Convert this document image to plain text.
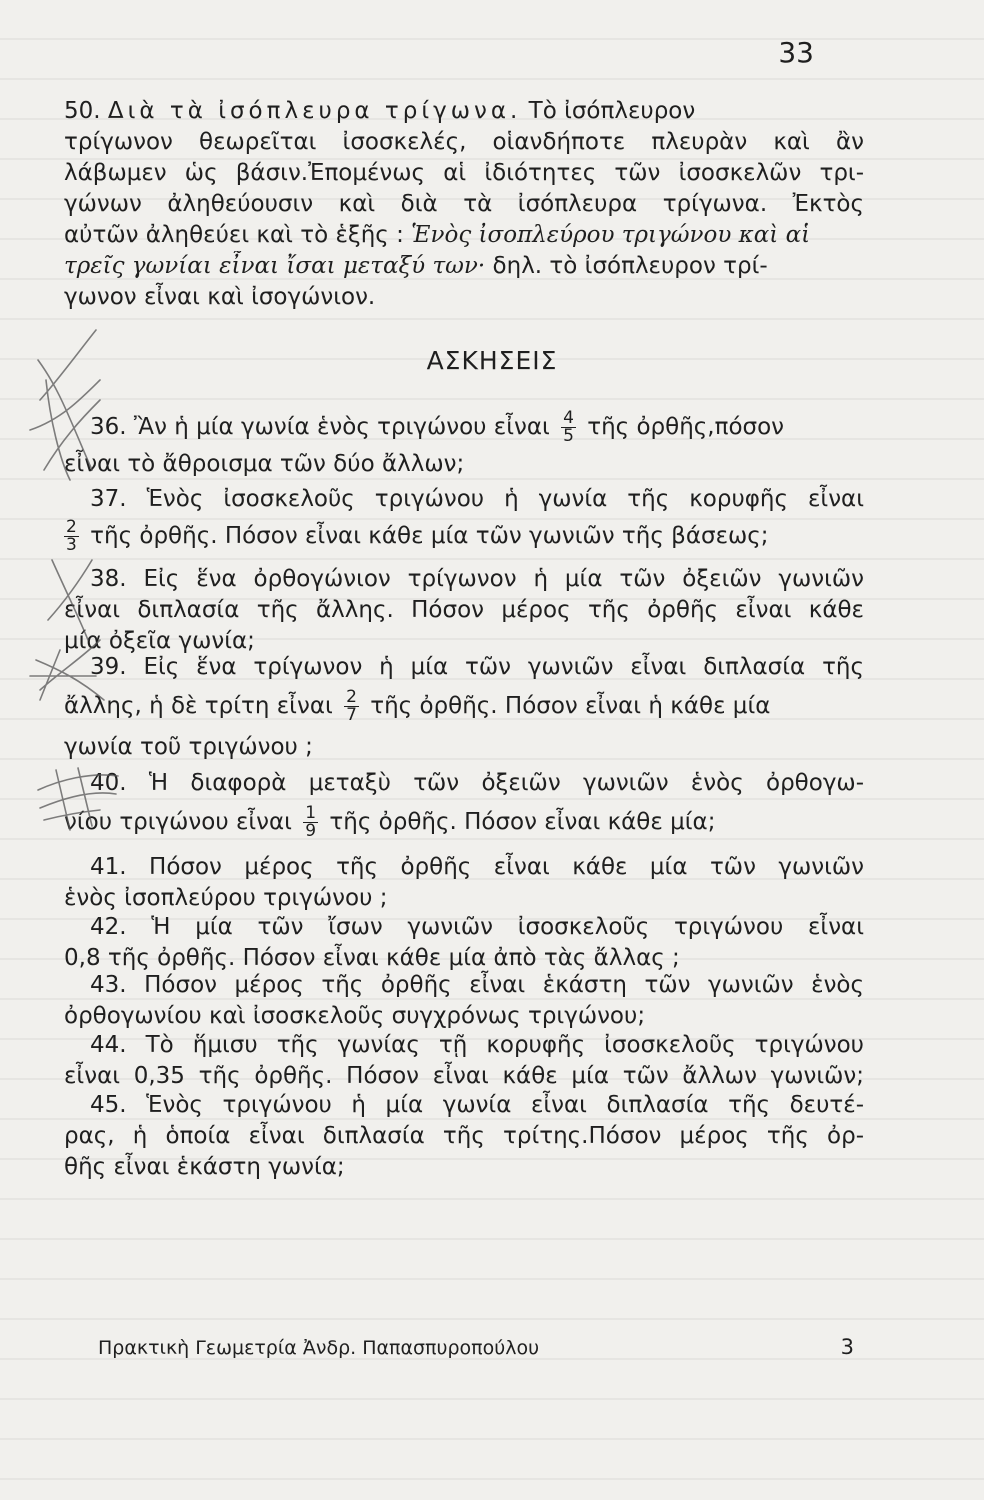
33
50. Διὰ τὰ ἰσόπλευρα τρίγωνα. Τὸ ἰσόπλευρον
τρίγωνον θεωρεῖται ἰσοσκελές, οἱανδήποτε πλευρὰν καὶ ἂν
λάβωμεν ὡς βάσιν.Ἐπομένως αἱ ἰδιότητες τῶν ἰσοσκελῶν τρι-
γώνων ἀληθεύουσιν καὶ διὰ τὰ ἰσόπλευρα τρίγωνα. Ἐκτὸς
αὐτῶν ἀληθεύει καὶ τὸ ἑξῆς : Ἑνὸς ἰσοπλεύρου τριγώνου καὶ αἱ
τρεῖς γωνίαι εἶναι ἴσαι μεταξύ των· δηλ. τὸ ἰσόπλευρον τρί-
γωνον εἶναι καὶ ἰσογώνιον.
ΑΣΚΗΣΕΙΣ
36. Ἂν ἡ μία γωνία ἑνὸς τριγώνου εἶναι $\frac{4}{5}$ τῆς ὀρθῆς,πόσον
εἶναι τὸ ἄθροισμα τῶν δύο ἄλλων;
37. Ἑνὸς ἰσοσκελοῦς τριγώνου ἡ γωνία τῆς κορυφῆς εἶναι
$\frac{2}{3}$ τῆς ὀρθῆς. Πόσον εἶναι κάθε μία τῶν γωνιῶν τῆς βάσεως;
38. Εἰς ἕνα ὀρθογώνιον τρίγωνον ἡ μία τῶν ὀξειῶν γωνιῶν
εἶναι διπλασία τῆς ἄλλης. Πόσον μέρος τῆς ὀρθῆς εἶναι κάθε
μία ὀξεῖα γωνία;
39. Εἰς ἕνα τρίγωνον ἡ μία τῶν γωνιῶν εἶναι διπλασία τῆς
ἄλλης, ἡ δὲ τρίτη εἶναι $\frac{2}{7}$ τῆς ὀρθῆς. Πόσον εἶναι ἡ κάθε μία
γωνία τοῦ τριγώνου ;
40. Ἡ διαφορὰ μεταξὺ τῶν ὀξειῶν γωνιῶν ἑνὸς ὀρθογω-
νίου τριγώνου εἶναι $\frac{1}{9}$ τῆς ὀρθῆς. Πόσον εἶναι κάθε μία;
41. Πόσον μέρος τῆς ὀρθῆς εἶναι κάθε μία τῶν γωνιῶν
ἑνὸς ἰσοπλεύρου τριγώνου ;
42. Ἡ μία τῶν ἴσων γωνιῶν ἰσοσκελοῦς τριγώνου εἶναι
0,8 τῆς ὀρθῆς. Πόσον εἶναι κάθε μία ἀπὸ τὰς ἄλλας ;
43. Πόσον μέρος τῆς ὀρθῆς εἶναι ἑκάστη τῶν γωνιῶν ἑνὸς
ὀρθογωνίου καὶ ἰσοσκελοῦς συγχρόνως τριγώνου;
44. Τὸ ἥμισυ τῆς γωνίας τῇ κορυφῆς ἰσοσκελοῦς τριγώνου
εἶναι 0,35 τῆς ὀρθῆς. Πόσον εἶναι κάθε μία τῶν ἄλλων γωνιῶν;
45. Ἑνὸς τριγώνου ἡ μία γωνία εἶναι διπλασία τῆς δευτέ-
ρας, ἡ ὁποία εἶναι διπλασία τῆς τρίτης.Πόσον μέρος τῆς ὀρ-
θῆς εἶναι ἑκάστη γωνία;
Πρακτικὴ Γεωμετρία Ἀνδρ. Παπασπυροπούλου	3
